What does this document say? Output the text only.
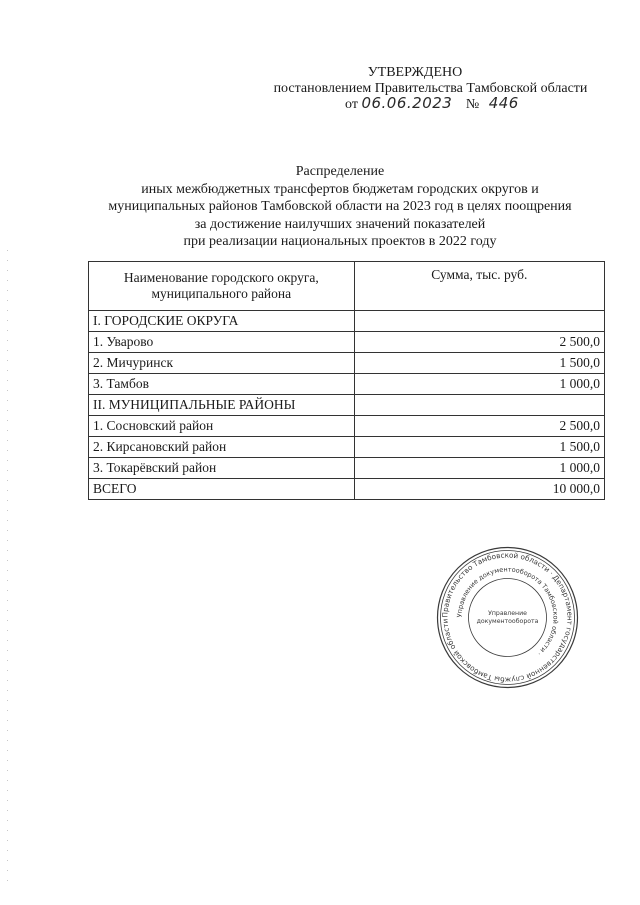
УТВЕРЖДЕНО
постановлением Правительства Тамбовской области
от 06.06.2023 № 446
Распределение
иных межбюджетных трансфертов бюджетам городских округов и
муниципальных районов Тамбовской области на 2023 год в целях поощрения
за достижение наилучших значений показателей
при реализации национальных проектов в 2022 году
Наименование городского округа,
муниципального района	Сумма, тыс. руб.
I. ГОРОДСКИЕ ОКРУГА	
1. Уварово	2 500,0
2. Мичуринск	1 500,0
3. Тамбов	1 000,0
II. МУНИЦИПАЛЬНЫЕ РАЙОНЫ	
1. Сосновский район	2 500,0
2. Кирсановский район	1 500,0
3. Токарёвский район	1 000,0
ВСЕГО	10 000,0
Правительство Тамбовской области · Департамент государственной службы Тамбовской области
Управление документооборота Тамбовской области ·
Управление
документооборота
